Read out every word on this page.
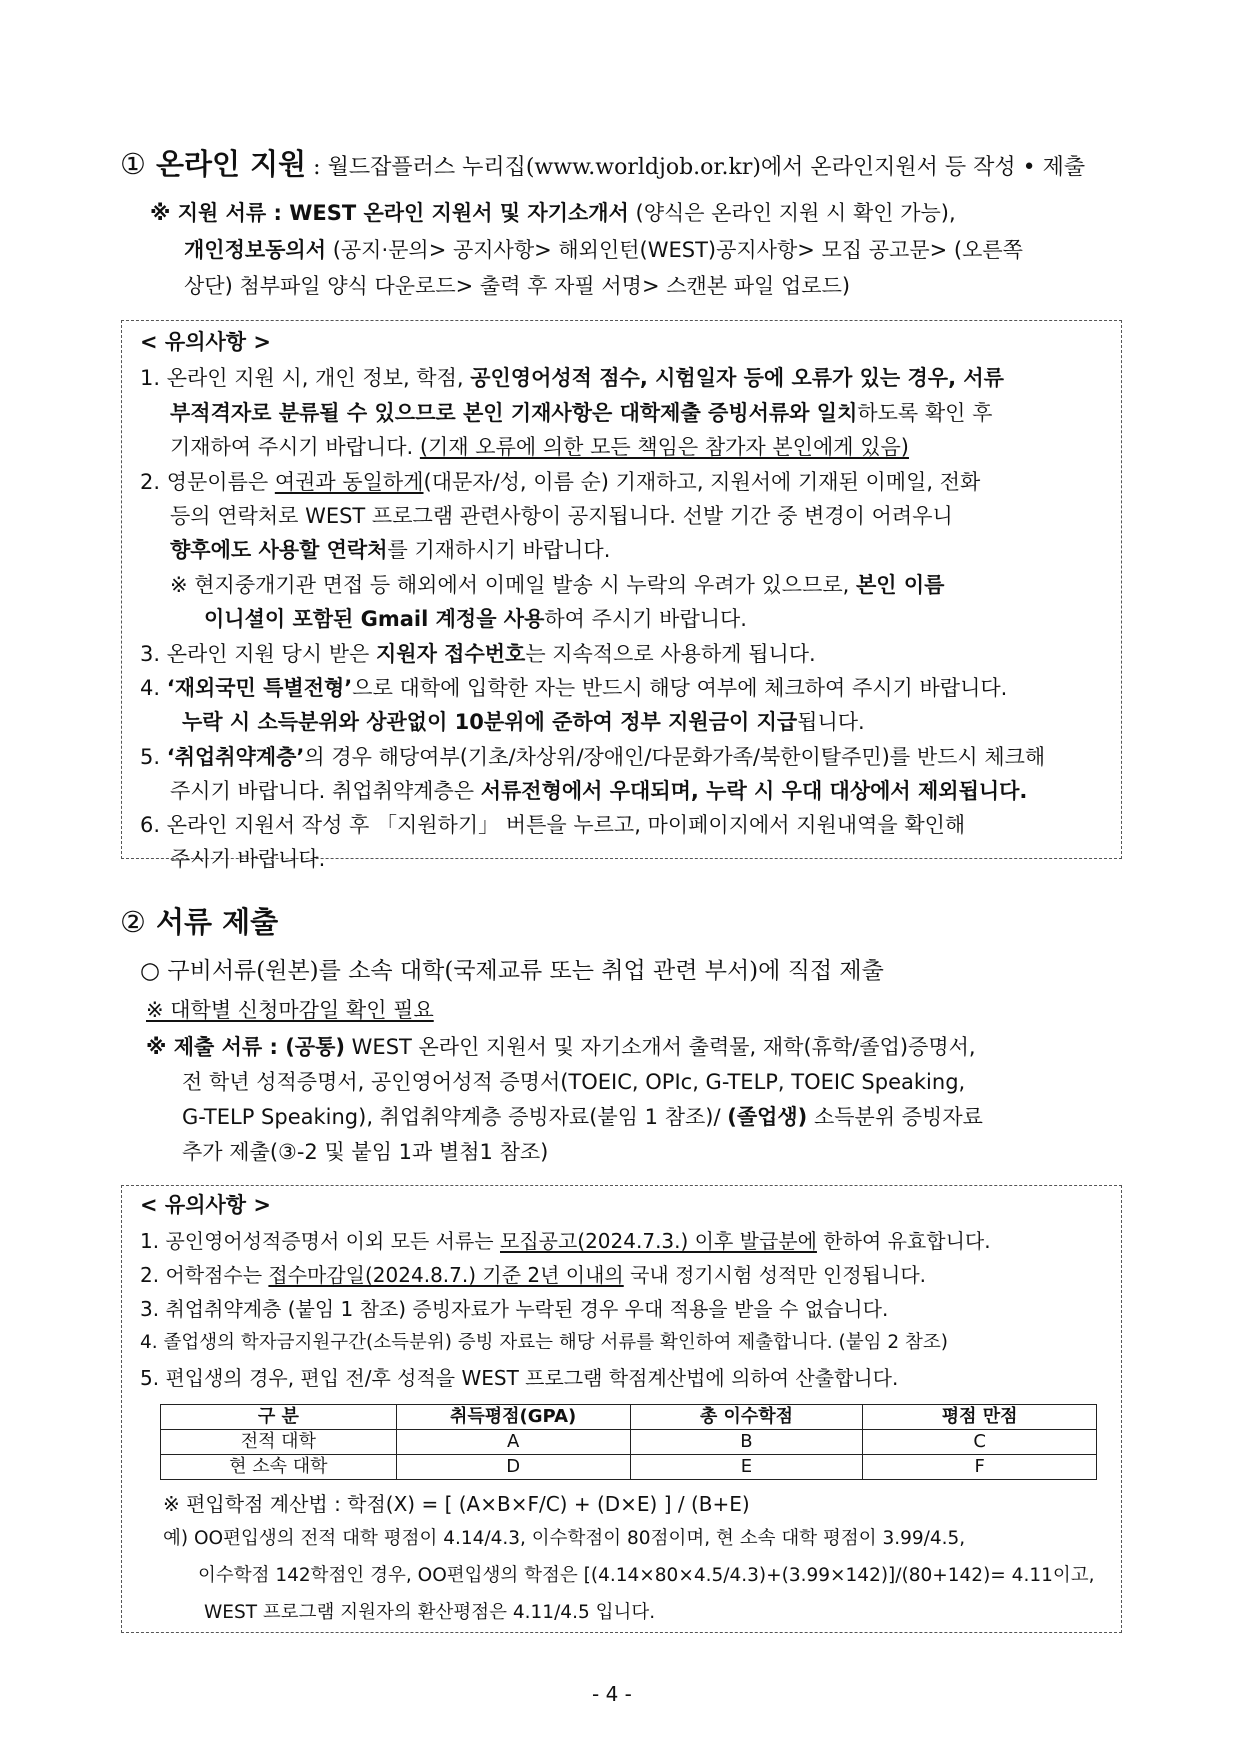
① 온라인 지원 : 월드잡플러스 누리집(www.worldjob.or.kr)에서 온라인지원서 등 작성 • 제출
※ 지원 서류 : WEST 온라인 지원서 및 자기소개서 (양식은 온라인 지원 시 확인 가능),
개인정보동의서 (공지·문의> 공지사항> 해외인턴(WEST)공지사항> 모집 공고문> (오른쪽
상단) 첨부파일 양식 다운로드> 출력 후 자필 서명> 스캔본 파일 업로드)
< 유의사항 >
1. 온라인 지원 시, 개인 정보, 학점, 공인영어성적 점수, 시험일자 등에 오류가 있는 경우, 서류
부적격자로 분류될 수 있으므로 본인 기재사항은 대학제출 증빙서류와 일치하도록 확인 후
기재하여 주시기 바랍니다. (기재 오류에 의한 모든 책임은 참가자 본인에게 있음)
2. 영문이름은 여권과 동일하게(대문자/성, 이름 순) 기재하고, 지원서에 기재된 이메일, 전화
등의 연락처로 WEST 프로그램 관련사항이 공지됩니다. 선발 기간 중 변경이 어려우니
향후에도 사용할 연락처를 기재하시기 바랍니다.
※ 현지중개기관 면접 등 해외에서 이메일 발송 시 누락의 우려가 있으므로, 본인 이름
이니셜이 포함된 Gmail 계정을 사용하여 주시기 바랍니다.
3. 온라인 지원 당시 받은 지원자 접수번호는 지속적으로 사용하게 됩니다.
4. ‘재외국민 특별전형’으로 대학에 입학한 자는 반드시 해당 여부에 체크하여 주시기 바랍니다.
누락 시 소득분위와 상관없이 10분위에 준하여 정부 지원금이 지급됩니다.
5. ‘취업취약계층’의 경우 해당여부(기초/차상위/장애인/다문화가족/북한이탈주민)를 반드시 체크해
주시기 바랍니다. 취업취약계층은 서류전형에서 우대되며, 누락 시 우대 대상에서 제외됩니다.
6. 온라인 지원서 작성 후 「지원하기」 버튼을 누르고, 마이페이지에서 지원내역을 확인해
주시기 바랍니다.
② 서류 제출
○ 구비서류(원본)를 소속 대학(국제교류 또는 취업 관련 부서)에 직접 제출
※ 대학별 신청마감일 확인 필요
※ 제출 서류 : (공통) WEST 온라인 지원서 및 자기소개서 출력물, 재학(휴학/졸업)증명서,
전 학년 성적증명서, 공인영어성적 증명서(TOEIC, OPIc, G-TELP, TOEIC Speaking,
G-TELP Speaking), 취업취약계층 증빙자료(붙임 1 참조)/ (졸업생) 소득분위 증빙자료
추가 제출(③-2 및 붙임 1과 별첨1 참조)
< 유의사항 >
1. 공인영어성적증명서 이외 모든 서류는 모집공고(2024.7.3.) 이후 발급분에 한하여 유효합니다.
2. 어학점수는 접수마감일(2024.8.7.) 기준 2년 이내의 국내 정기시험 성적만 인정됩니다.
3. 취업취약계층 (붙임 1 참조) 증빙자료가 누락된 경우 우대 적용을 받을 수 없습니다.
4. 졸업생의 학자금지원구간(소득분위) 증빙 자료는 해당 서류를 확인하여 제출합니다. (붙임 2 참조)
5. 편입생의 경우, 편입 전/후 성적을 WEST 프로그램 학점계산법에 의하여 산출합니다.
구 분	취득평점(GPA)	총 이수학점	평점 만점
전적 대학	A	B	C
현 소속 대학	D	E	F
※ 편입학점 계산법 : 학점(X) = [ (A×B×F/C) + (D×E) ] / (B+E)
예) OO편입생의 전적 대학 평점이 4.14/4.3, 이수학점이 80점이며, 현 소속 대학 평점이 3.99/4.5,
이수학점 142학점인 경우, OO편입생의 학점은 [(4.14×80×4.5/4.3)+(3.99×142)]/(80+142)= 4.11이고,
WEST 프로그램 지원자의 환산평점은 4.11/4.5 입니다.
- 4 -
